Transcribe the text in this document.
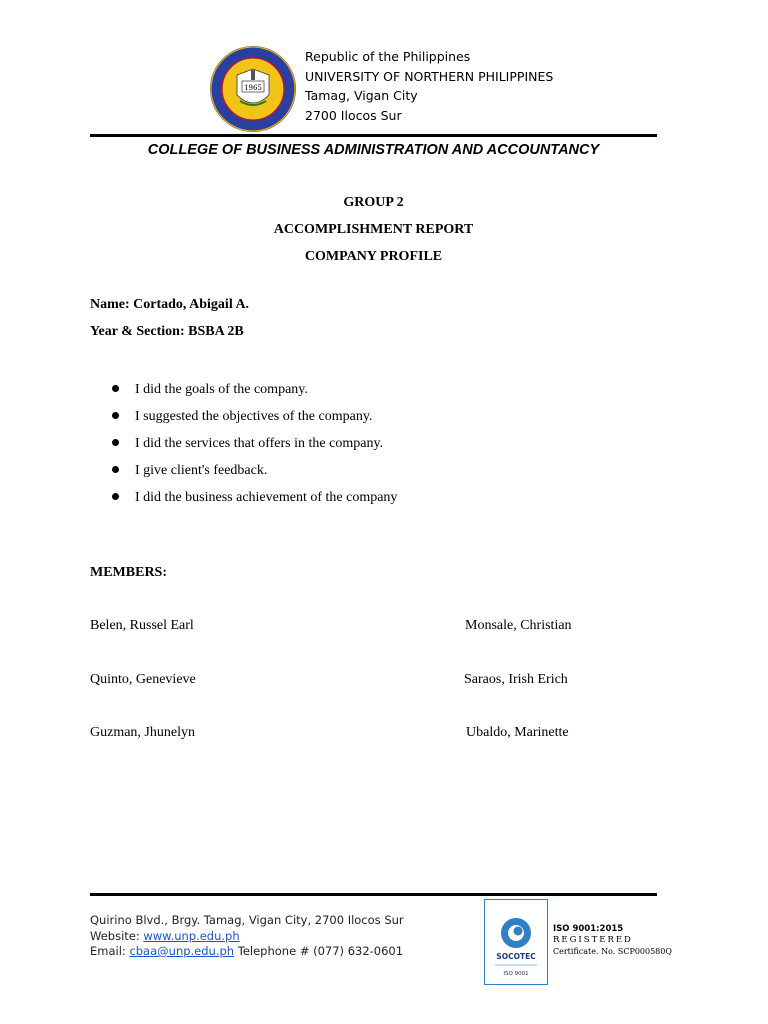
1965
Republic of the Philippines
UNIVERSITY OF NORTHERN PHILIPPINES
Tamag, Vigan City
2700 Ilocos Sur
COLLEGE OF BUSINESS ADMINISTRATION AND ACCOUNTANCY
GROUP 2
ACCOMPLISHMENT REPORT
COMPANY PROFILE
Name: Cortado, Abigail A.
Year & Section: BSBA 2B
I did the goals of the company.
I suggested the objectives of the company.
I did the services that offers in the company.
I give client's feedback.
I did the business achievement of the company
MEMBERS:
Belen, Russel Earl	Monsale, Christian
Quinto, Genevieve	Saraos, Irish Erich
Guzman, Jhunelyn	Ubaldo, Marinette
Quirino Blvd., Brgy. Tamag, Vigan City, 2700 Ilocos Sur
Website: www.unp.edu.ph
Email: cbaa@unp.edu.ph Telephone # (077) 632-0601	SOCOTEC
ISO 9001
ISO 9001:2015
REGISTERED
Certificate. No. SCP000580Q
